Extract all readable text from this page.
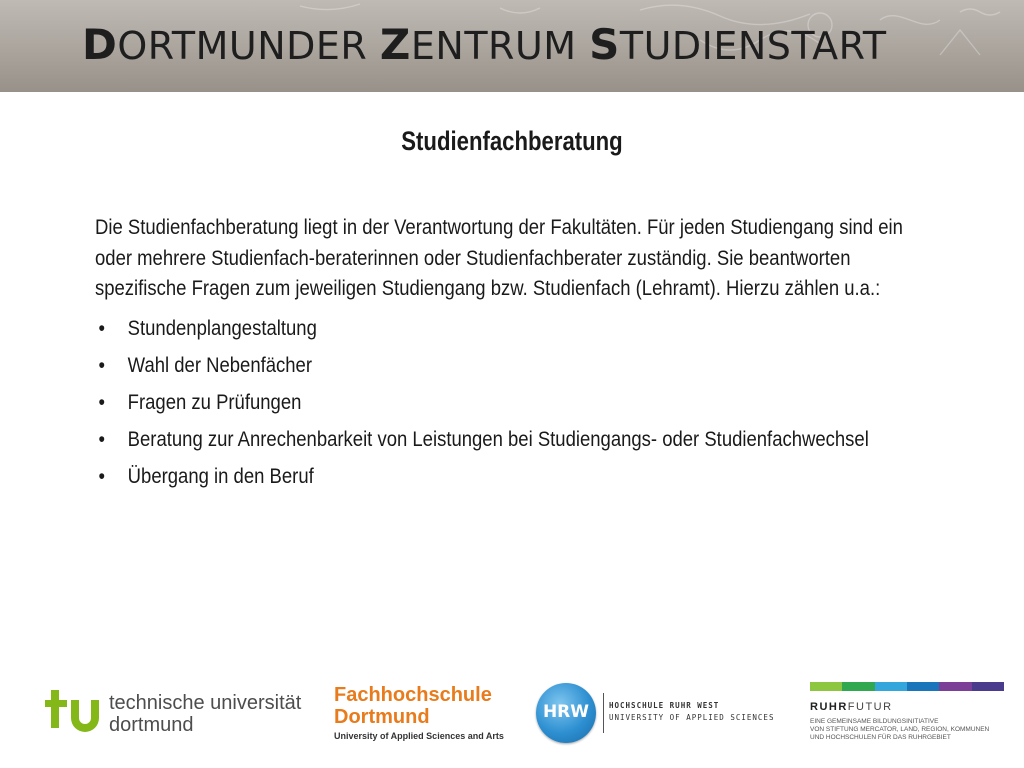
DORTMUNDER ZENTRUM STUDIENSTART
Studienfachberatung

Die Studienfachberatung liegt in der Verantwortung der Fakultäten. Für jeden Studiengang sind ein
oder mehrere Studienfach-beraterinnen oder Studienfachberater zuständig. Sie beantworten
spezifische Fragen zum jeweiligen Studiengang bzw. Studienfach (Lehramt). Hierzu zählen u.a.:

• Stundenplangestaltung
• Wahl der Nebenfächer
• Fragen zu Prüfungen
• Beratung zur Anrechenbarkeit von Leistungen bei Studiengangs- oder Studienfachwechsel
• Übergang in den Beruf
technische universität
dortmund
Fachhochschule
Dortmund
University of Applied Sciences and Arts
HRW	HOCHSCHULE RUHR WEST
UNIVERSITY OF APPLIED SCIENCES
RUHRFUTUR
EINE GEMEINSAME BILDUNGSINITIATIVE
VON STIFTUNG MERCATOR, LAND, REGION, KOMMUNEN
UND HOCHSCHULEN FÜR DAS RUHRGEBIET
